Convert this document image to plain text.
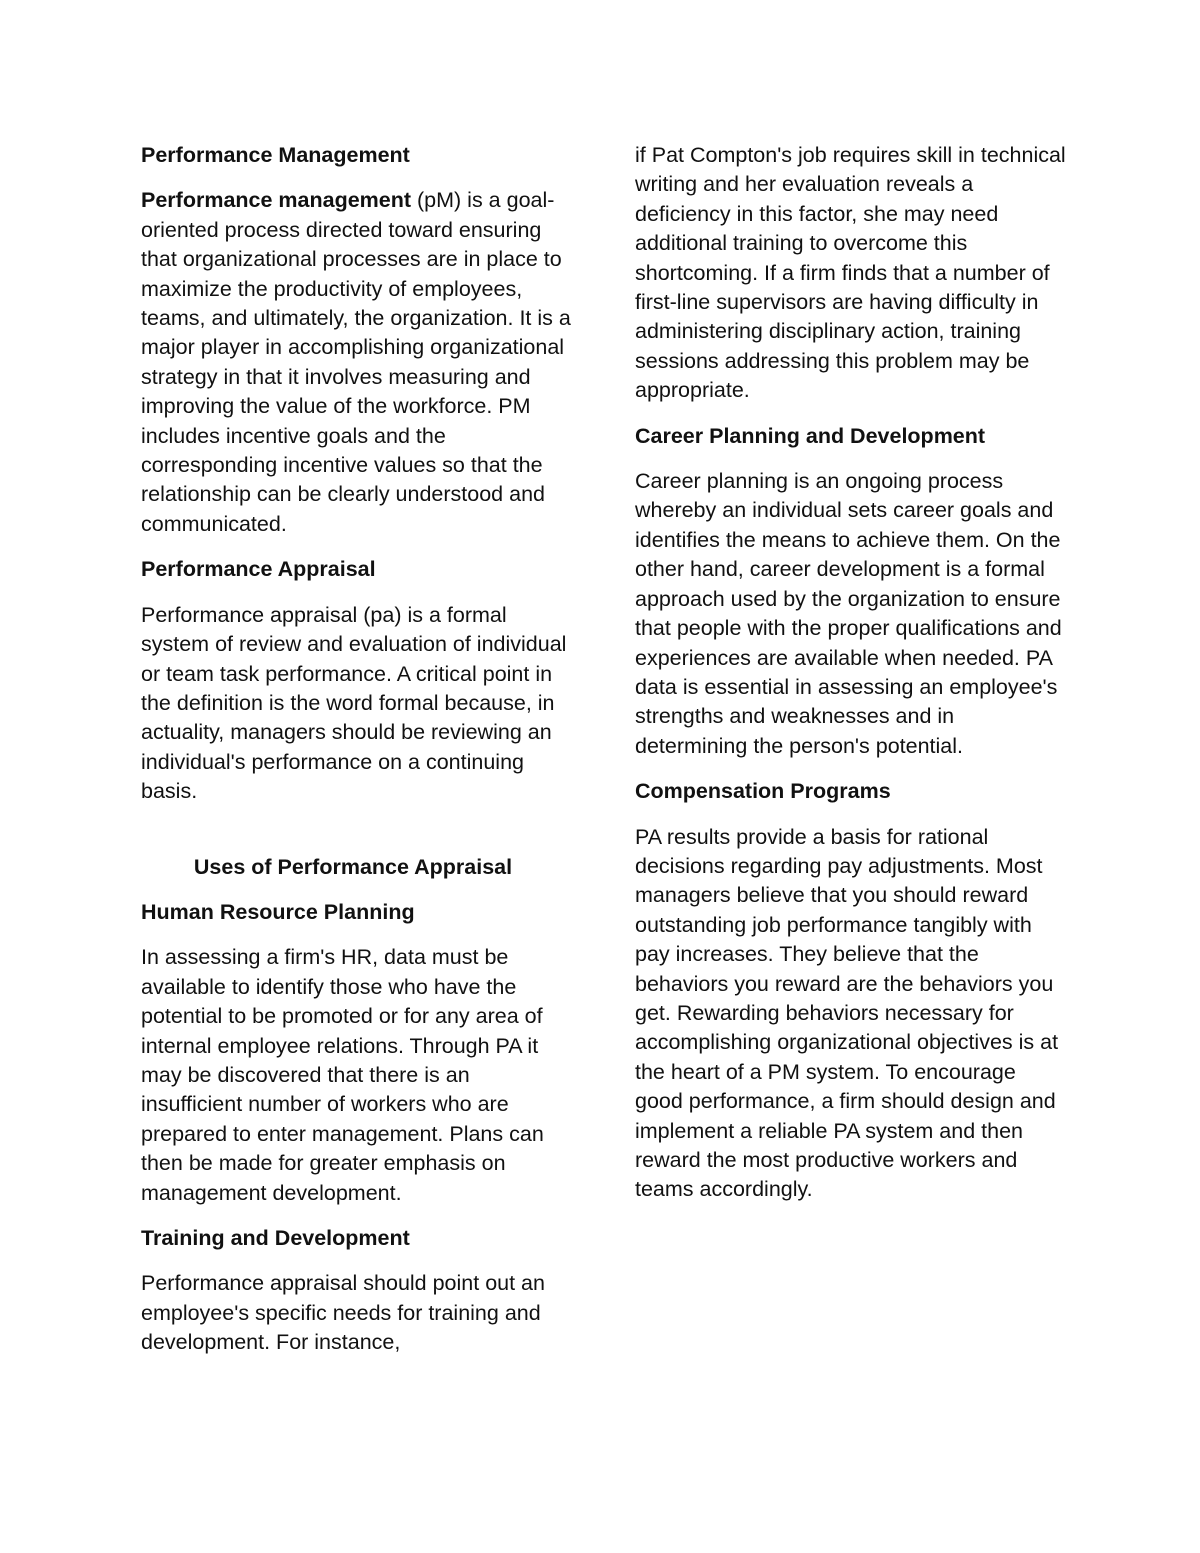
Performance Management

Performance management (pM) is a goal-oriented process directed toward ensuring that organizational processes are in place to maximize the productivity of employees, teams, and ultimately, the organization. It is a major player in accomplishing organizational strategy in that it involves measuring and improving the value of the workforce. PM includes incentive goals and the corresponding incentive values so that the relationship can be clearly understood and communicated.

Performance Appraisal

Performance appraisal (pa) is a formal system of review and evaluation of individual or team task performance. A critical point in the definition is the word formal because, in actuality, managers should be reviewing an individual's performance on a continuing basis.

Uses of Performance Appraisal
Human Resource Planning

In assessing a firm's HR, data must be available to identify those who have the potential to be promoted or for any area of internal employee relations. Through PA it may be discovered that there is an insufficient number of workers who are prepared to enter management. Plans can then be made for greater emphasis on management development.

Training and Development

Performance appraisal should point out an employee's specific needs for training and development. For instance,

if Pat Compton's job requires skill in technical writing and her evaluation reveals a deficiency in this factor, she may need additional training to overcome this shortcoming. If a firm finds that a number of first-line supervisors are having difficulty in administering disciplinary action, training sessions addressing this problem may be appropriate.

Career Planning and Development

Career planning is an ongoing process whereby an individual sets career goals and identifies the means to achieve them. On the other hand, career development is a formal approach used by the organization to ensure that people with the proper qualifications and experiences are available when needed. PA data is essential in assessing an employee's strengths and weaknesses and in determining the person's potential.

Compensation Programs

PA results provide a basis for rational decisions regarding pay adjustments. Most managers believe that you should reward outstanding job performance tangibly with pay increases. They believe that the behaviors you reward are the behaviors you get. Rewarding behaviors necessary for accomplishing organizational objectives is at the heart of a PM system. To encourage good performance, a firm should design and implement a reliable PA system and then reward the most productive workers and teams accordingly.
